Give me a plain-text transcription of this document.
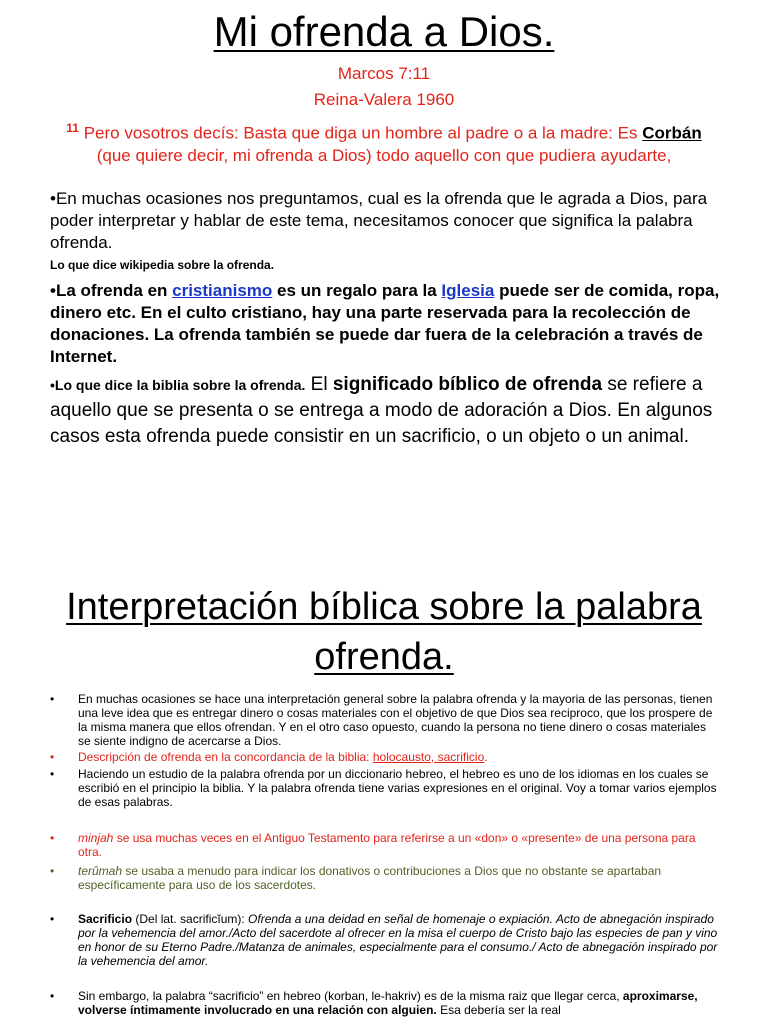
Mi ofrenda a Dios.
Marcos 7:11
Reina-Valera 1960
$^{11}$ Pero vosotros decís: Basta que diga un hombre al padre o a la madre: Es Corbán (que quiere decir, mi ofrenda a Dios) todo aquello con que pudiera ayudarte,
•En muchas ocasiones nos preguntamos, cual es la ofrenda que le agrada a Dios, para poder interpretar y hablar de este tema, necesitamos conocer que significa la palabra ofrenda.
Lo que dice wikipedia sobre la ofrenda.
•La ofrenda en cristianismo es un regalo para la Iglesia puede ser de comida, ropa, dinero etc. En el culto cristiano, hay una parte reservada para la recolección de donaciones. La ofrenda también se puede dar fuera de la celebración a través de Internet.
•Lo que dice la biblia sobre la ofrenda. El significado bíblico de ofrenda se refiere a aquello que se presenta o se entrega a modo de adoración a Dios. En algunos casos esta ofrenda puede consistir en un sacrificio, o un objeto o un animal.
Interpretación bíblica sobre la palabra ofrenda.
• En muchas ocasiones se hace una interpretación general sobre la palabra ofrenda y la mayoria de las personas, tienen una leve idea que es entregar dinero o cosas materiales con el objetivo de que Dios sea reciproco, que los prospere de la misma manera que ellos ofrendan. Y en el otro caso opuesto, cuando la persona no tiene dinero o cosas materiales se siente indigno de acercarse a Dios.
• Descripción de ofrenda en la concordancia de la biblia: holocausto, sacrificio.
• Haciendo un estudio de la palabra ofrenda por un diccionario hebreo, el hebreo es uno de los idiomas en los cuales se escribió en el principio la biblia. Y la palabra ofrenda tiene varias expresiones en el original. Voy a tomar varios ejemplos de esas palabras.
• minjah se usa muchas veces en el Antiguo Testamento para referirse a un «don» o «presente» de una persona para otra.
• terûmah se usaba a menudo para indicar los donativos o contribuciones a Dios que no obstante se apartaban específicamente para uso de los sacerdotes.
• Sacrificio (Del lat. sacrificĭum): Ofrenda a una deidad en señal de homenaje o expiación. Acto de abnegación inspirado por la vehemencia del amor./Acto del sacerdote al ofrecer en la misa el cuerpo de Cristo bajo las especies de pan y vino en honor de su Eterno Padre./Matanza de animales, especialmente para el consumo./ Acto de abnegación inspirado por la vehemencia del amor.
• Sin embargo, la palabra “sacrificio” en hebreo (korban, le-hakriv) es de la misma raiz que llegar cerca, aproximarse, volverse íntimamente involucrado en una relación con alguien. Esa debería ser la real
